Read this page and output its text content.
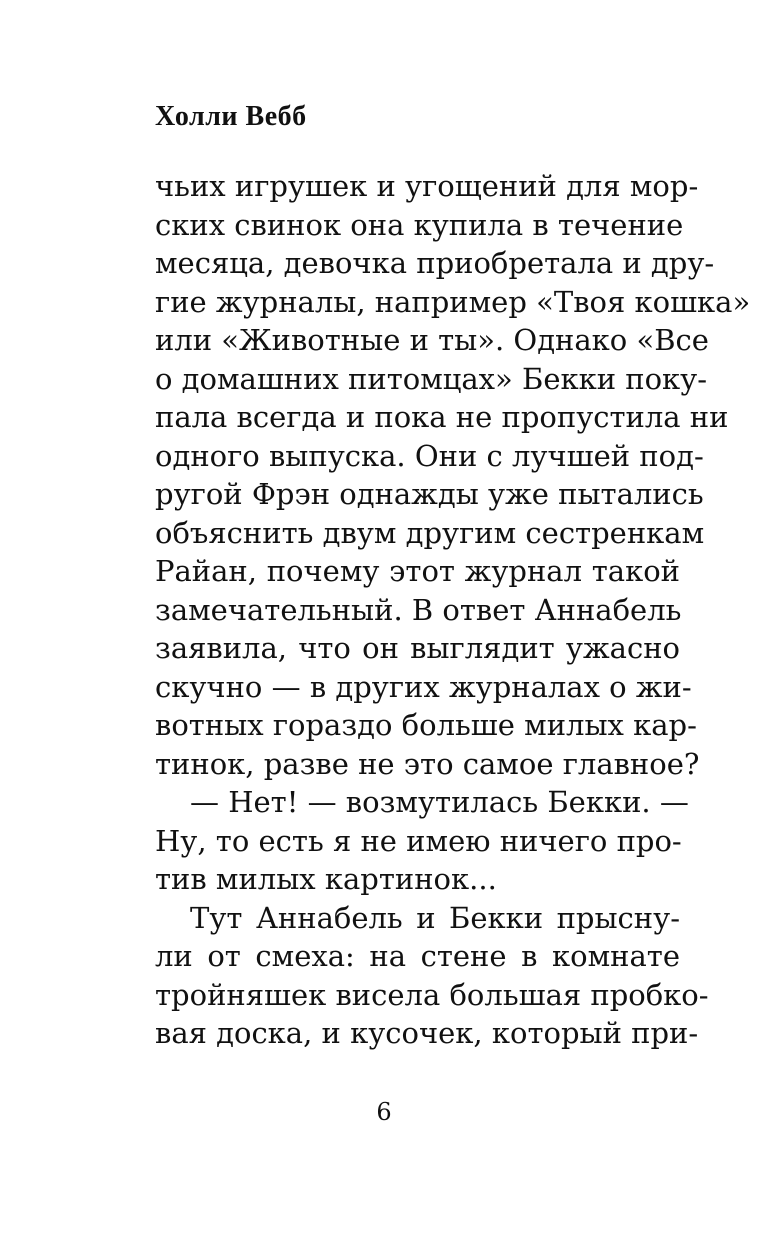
Холли Вебб
чьих игрушек и угощений для мор-
ских свинок она купила в течение
месяца, девочка приобретала и дру-
гие журналы, например «Твоя кошка»
или «Животные и ты». Однако «Все
о домашних питомцах» Бекки поку-
пала всегда и пока не пропустила ни
одного выпуска. Они с лучшей под-
ругой Фрэн однажды уже пытались
объяснить двум другим сестренкам
Райан, почему этот журнал такой
замечательный. В ответ Аннабель
заявила, что он выглядит ужасно
скучно — в других журналах о жи-
вотных гораздо больше милых кар-
тинок, разве не это самое главное?
— Нет! — возмутилась Бекки. —
Ну, то есть я не имею ничего про-
тив милых картинок...
Тут Аннабель и Бекки прысну-
ли от смеха: на стене в комнате
тройняшек висела большая пробко-
вая доска, и кусочек, который при-
6
